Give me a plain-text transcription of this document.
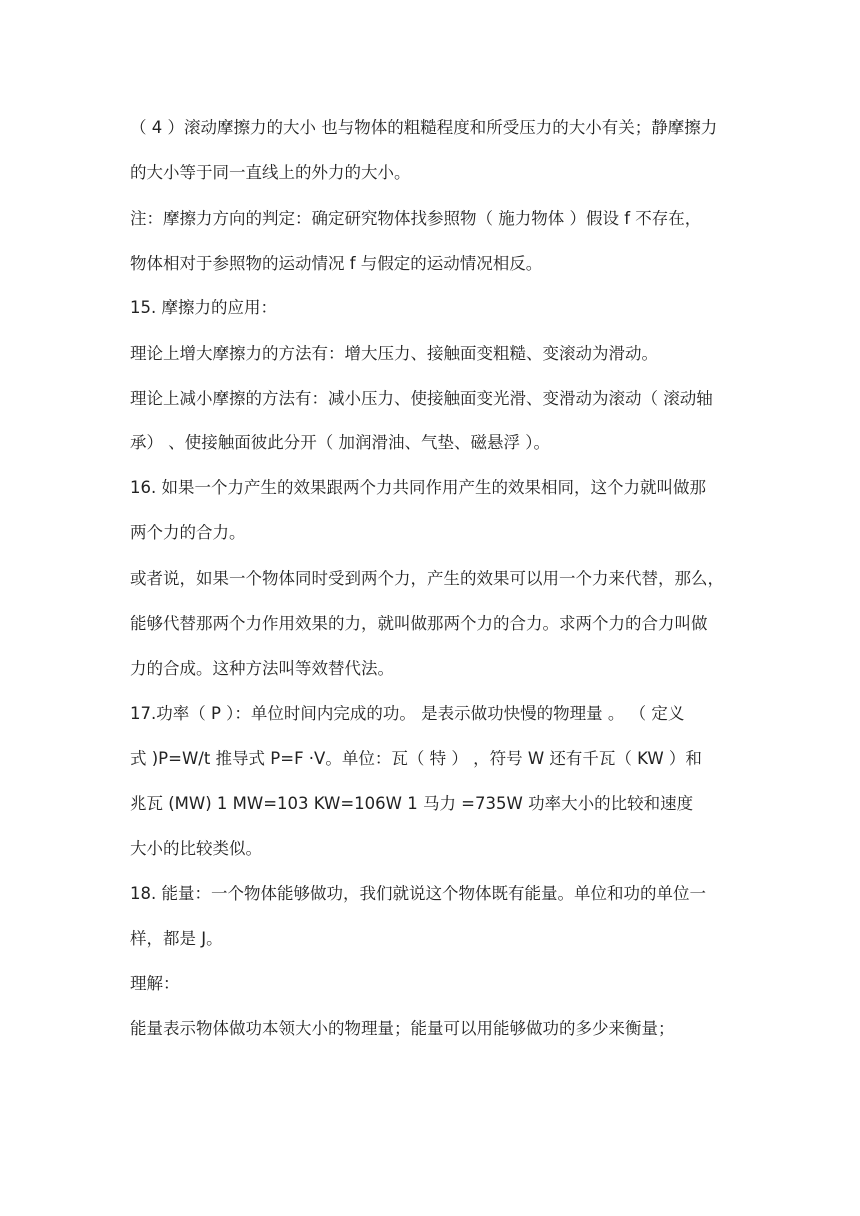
（ 4 ）滚动摩擦力的大小 也与物体的粗糙程度和所受压力的大小有关；静摩擦力
的大小等于同一直线上的外力的大小。
注：摩擦力方向的判定：确定研究物体找参照物（ 施力物体 ）假设 f 不存在，
物体相对于参照物的运动情况 f 与假定的运动情况相反。
15. 摩擦力的应用：
理论上增大摩擦力的方法有：增大压力、接触面变粗糙、变滚动为滑动。
理论上减小摩擦的方法有：减小压力、使接触面变光滑、变滑动为滚动（ 滚动轴
承） 、使接触面彼此分开（ 加润滑油、气垫、磁悬浮 ）。
16. 如果一个力产生的效果跟两个力共同作用产生的效果相同，这个力就叫做那
两个力的合力。
或者说，如果一个物体同时受到两个力，产生的效果可以用一个力来代替，那么，
能够代替那两个力作用效果的力，就叫做那两个力的合力。求两个力的合力叫做
力的合成。这种方法叫等效替代法。
17.功率（ P ）：单位时间内完成的功。 是表示做功快慢的物理量 。 （ 定义
式 )P=W/t 推导式 P=F ·V。单位：瓦（ 特 ） ，符号 W 还有千瓦（ KW ）和
兆瓦 (MW) 1 MW=103 KW=106W 1 马力 =735W 功率大小的比较和速度
大小的比较类似。
18. 能量：一个物体能够做功，我们就说这个物体既有能量。单位和功的单位一
样，都是 J。
理解：
能量表示物体做功本领大小的物理量；能量可以用能够做功的多少来衡量；
